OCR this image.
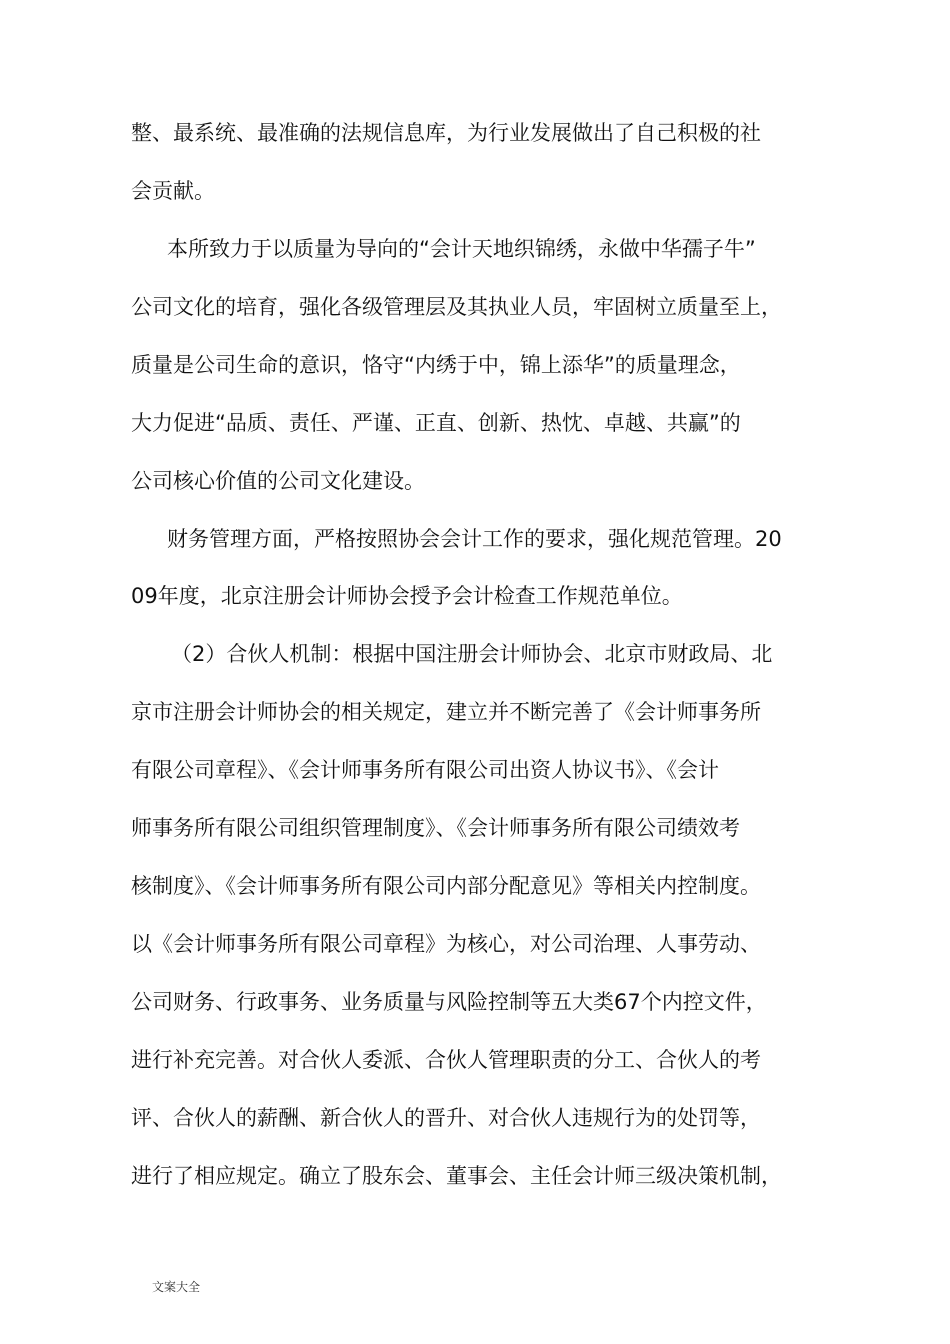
整、最系统、最准确的法规信息库，为行业发展做出了自己积极的社
会贡献。
本所致力于以质量为导向的“会计天地织锦绣，永做中华孺子牛”
公司文化的培育，强化各级管理层及其执业人员，牢固树立质量至上，
质量是公司生命的意识，恪守“内绣于中，锦上添华”的质量理念，
大力促进“品质、责任、严谨、正直、创新、热忱、卓越、共赢”的
公司核心价值的公司文化建设。
财务管理方面，严格按照协会会计工作的要求，强化规范管理。20
09年度，北京注册会计师协会授予会计检查工作规范单位。
（2）合伙人机制：根据中国注册会计师协会、北京市财政局、北
京市注册会计师协会的相关规定，建立并不断完善了《会计师事务所
有限公司章程》、《会计师事务所有限公司出资人协议书》、《会计
师事务所有限公司组织管理制度》、《会计师事务所有限公司绩效考
核制度》、《会计师事务所有限公司内部分配意见》等相关内控制度。
以《会计师事务所有限公司章程》为核心，对公司治理、人事劳动、
公司财务、行政事务、业务质量与风险控制等五大类67个内控文件，
进行补充完善。对合伙人委派、合伙人管理职责的分工、合伙人的考
评、合伙人的薪酬、新合伙人的晋升、对合伙人违规行为的处罚等，
进行了相应规定。确立了股东会、董事会、主任会计师三级决策机制，
文案大全
